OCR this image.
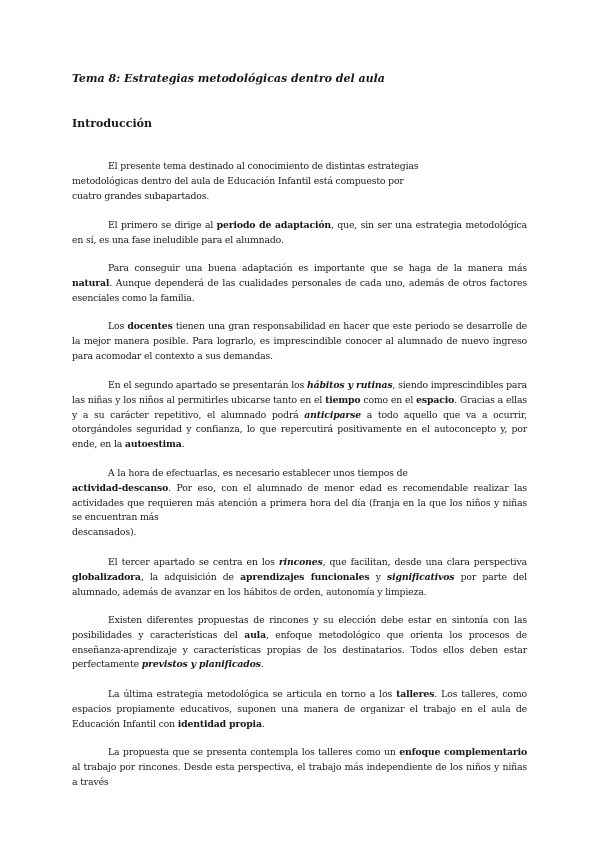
Tema 8: Estrategias metodológicas dentro del aula
Introducción

El presente tema destinado al conocimiento de distintas estrategias
metodológicas dentro del aula de Educación Infantil está compuesto por
cuatro grandes subapartados.

El primero se dirige al periodo de adaptación, que, sin ser una estrategia metodológica en sí, es una fase ineludible para el alumnado.

Para conseguir una buena adaptación es importante que se haga de la manera más natural. Aunque dependerá de las cualidades personales de cada uno, además de otros factores esenciales como la familia.

Los docentes tienen una gran responsabilidad en hacer que este periodo se desarrolle de la mejor manera posible. Para lograrlo, es imprescindible conocer al alumnado de nuevo ingreso para acomodar el contexto a sus demandas.

En el segundo apartado se presentarán los hábitos y rutinas, siendo imprescindibles para las niñas y los niños al permitirles ubicarse tanto en el tiempo como en el espacio. Gracias a ellas y a su carácter repetitivo, el alumnado podrá anticiparse a todo aquello que va a ocurrir, otorgándoles seguridad y confianza, lo que repercutirá positivamente en el autoconcepto y, por ende, en la autoestima.

A la hora de efectuarlas, es necesario establecer unos tiempos de
actividad-descanso. Por eso, con el alumnado de menor edad es recomendable realizar las actividades que requieren más atención a primera hora del día (franja en la que los niños y niñas se encuentran más
descansados).

El tercer apartado se centra en los rincones, que facilitan, desde una clara perspectiva globalizadora, la adquisición de aprendizajes funcionales y significativos por parte del alumnado, además de avanzar en los hábitos de orden, autonomía y limpieza.

Existen diferentes propuestas de rincones y su elección debe estar en sintonía con las posibilidades y características del aula, enfoque metodológico que orienta los procesos de enseñanza-aprendizaje y características propias de los destinatarios. Todos ellos deben estar perfectamente previstos y planificados.

La última estrategia metodológica se articula en torno a los talleres. Los talleres, como espacios propiamente educativos, suponen una manera de organizar el trabajo en el aula de Educación Infantil con identidad propia.

La propuesta que se presenta contempla los talleres como un enfoque complementario al trabajo por rincones. Desde esta perspectiva, el trabajo más independiente de los niños y niñas a través
